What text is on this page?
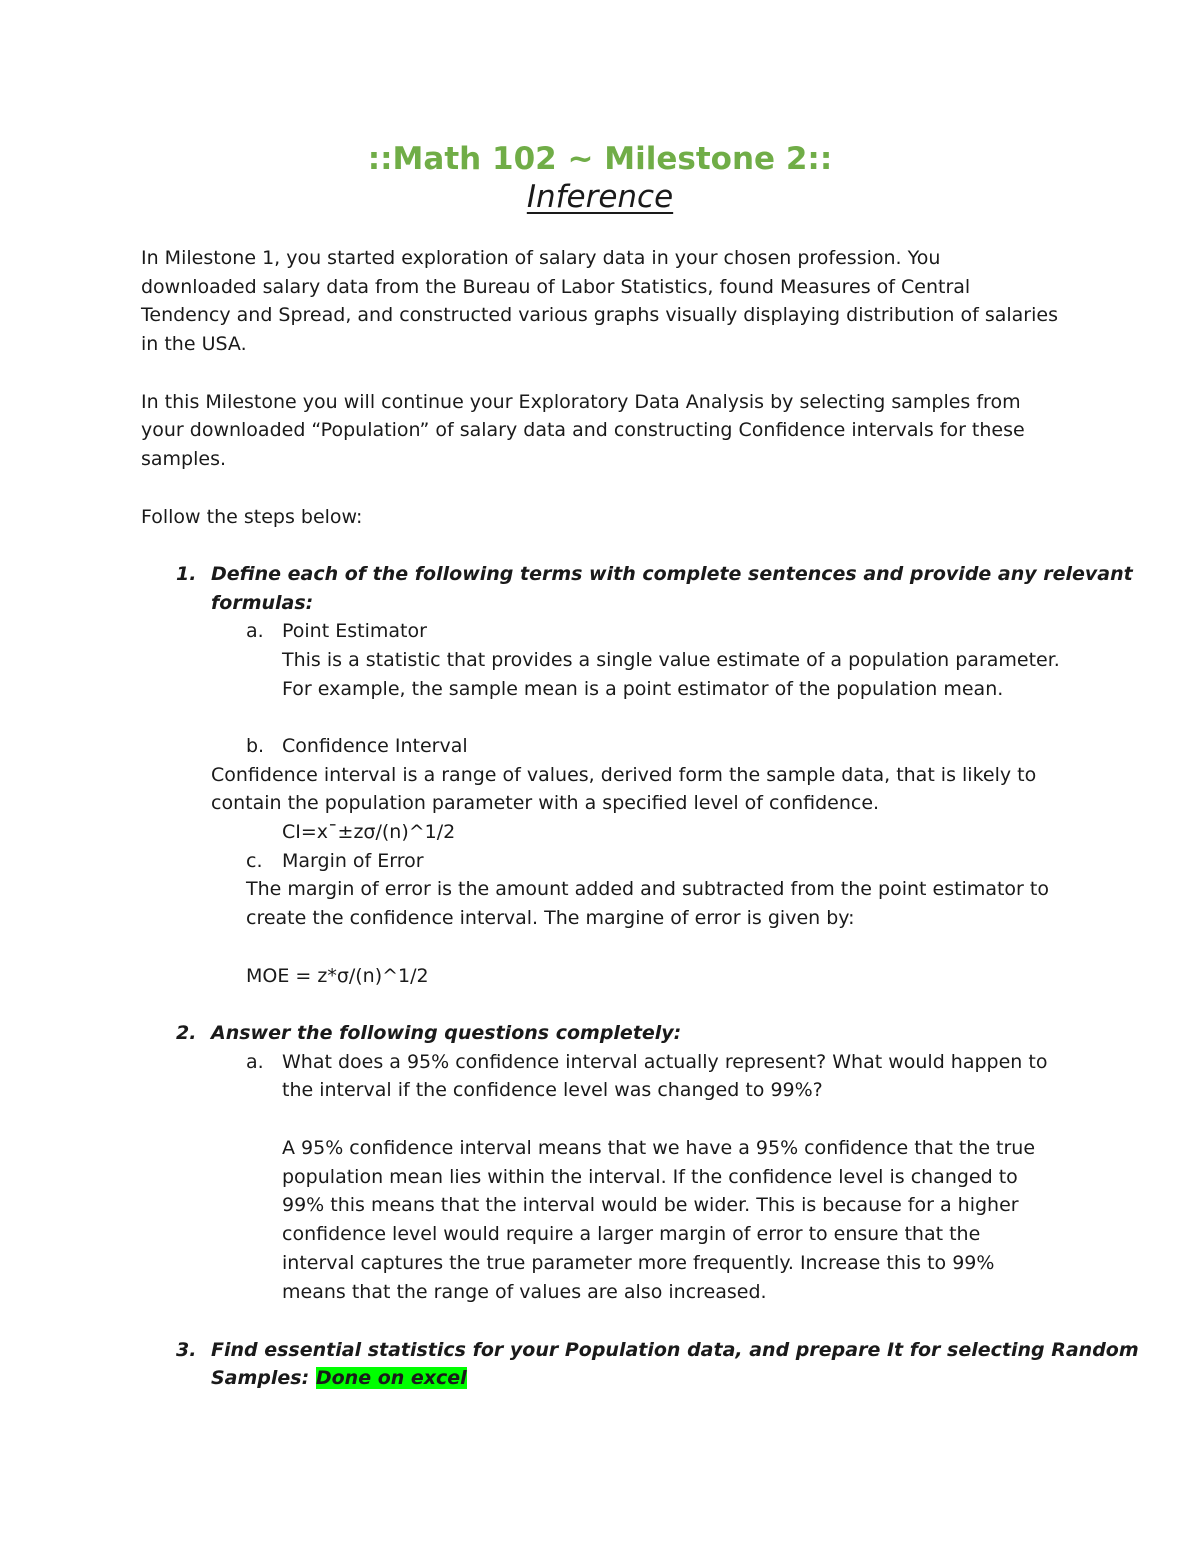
::Math 102 ~ Milestone 2::
Inference
In Milestone 1, you started exploration of salary data in your chosen profession. You
downloaded salary data from the Bureau of Labor Statistics, found Measures of Central
Tendency and Spread, and constructed various graphs visually displaying distribution of salaries
in the USA.
In this Milestone you will continue your Exploratory Data Analysis by selecting samples from
your downloaded “Population” of salary data and constructing Confidence intervals for these
samples.
Follow the steps below:
1. Define each of the following terms with complete sentences and provide any relevant
formulas:
a. Point Estimator
This is a statistic that provides a single value estimate of a population parameter.
For example, the sample mean is a point estimator of the population mean.
b. Confidence Interval
Confidence interval is a range of values, derived form the sample data, that is likely to
contain the population parameter with a specified level of confidence.
CI=x¯±zσ/(n)^1/2
c. Margin of Error
The margin of error is the amount added and subtracted from the point estimator to
create the confidence interval. The margine of error is given by:
MOE = z*σ/(n)^1/2
2. Answer the following questions completely:
a. What does a 95% confidence interval actually represent? What would happen to
the interval if the confidence level was changed to 99%?
A 95% confidence interval means that we have a 95% confidence that the true
population mean lies within the interval. If the confidence level is changed to
99% this means that the interval would be wider. This is because for a higher
confidence level would require a larger margin of error to ensure that the
interval captures the true parameter more frequently. Increase this to 99%
means that the range of values are also increased.
3. Find essential statistics for your Population data, and prepare It for selecting Random
Samples: Done on excel
